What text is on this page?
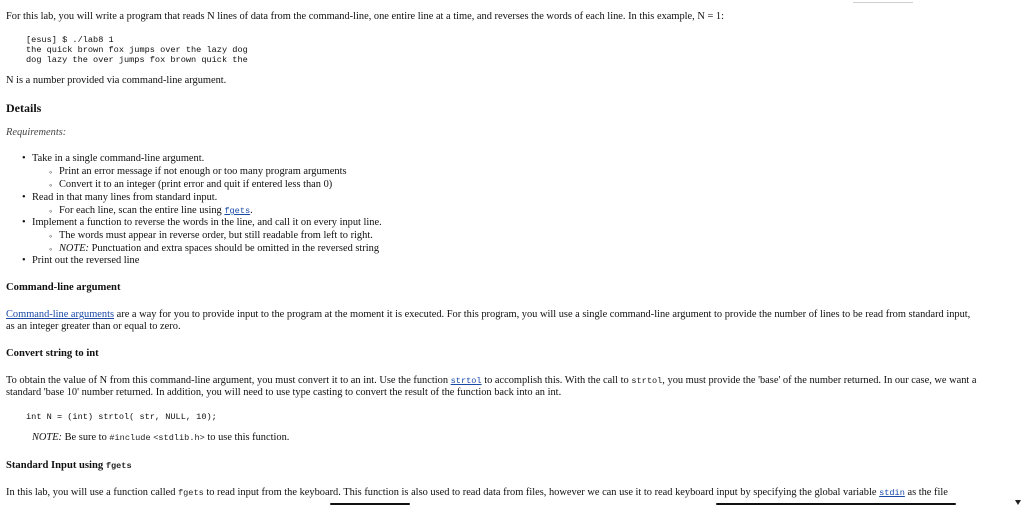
For this lab, you will write a program that reads N lines of data from the command-line, one entire line at a time, and reverses the words of each line. In this example, N = 1:
[esus] $ ./lab8 1
the quick brown fox jumps over the lazy dog
dog lazy the over jumps fox brown quick the
N is a number provided via command-line argument.
Details
Requirements:
• Take in a single command-line argument.
◦ Print an error message if not enough or too many program arguments
◦ Convert it to an integer (print error and quit if entered less than 0)
• Read in that many lines from standard input.
◦ For each line, scan the entire line using fgets.
• Implement a function to reverse the words in the line, and call it on every input line.
◦ The words must appear in reverse order, but still readable from left to right.
◦ NOTE: Punctuation and extra spaces should be omitted in the reversed string
• Print out the reversed line
Command-line argument
Command-line arguments are a way for you to provide input to the program at the moment it is executed. For this program, you will use a single command-line argument to provide the number of lines to be read from standard input,
as an integer greater than or equal to zero.
Convert string to int
To obtain the value of N from this command-line argument, you must convert it to an int. Use the function strtol to accomplish this. With the call to strtol, you must provide the 'base' of the number returned. In our case, we want a
standard 'base 10' number returned. In addition, you will need to use type casting to convert the result of the function back into an int.
int N = (int) strtol( str, NULL, 10);
NOTE: Be sure to #include <stdlib.h> to use this function.
Standard Input using fgets
In this lab, you will use a function called fgets to read input from the keyboard. This function is also used to read data from files, however we can use it to read keyboard input by specifying the global variable stdin as the file
